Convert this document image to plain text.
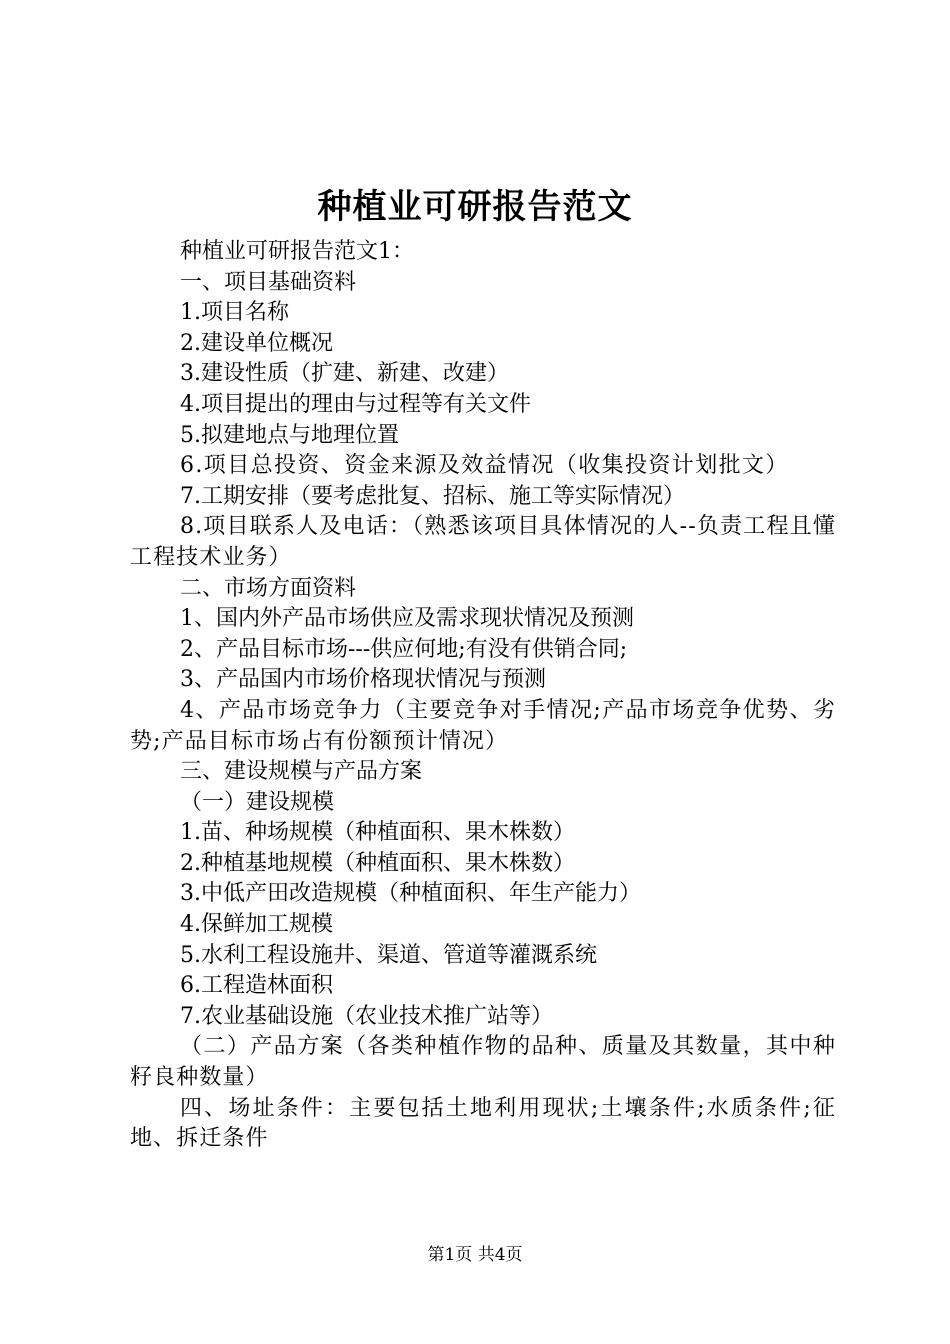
种植业可研报告范文

种植业可研报告范文1：

一、项目基础资料

1.项目名称

2.建设单位概况

3.建设性质（扩建、新建、改建）

4.项目提出的理由与过程等有关文件

5.拟建地点与地理位置

6.项目总投资、资金来源及效益情况（收集投资计划批文）

7.工期安排（要考虑批复、招标、施工等实际情况）

8.项目联系人及电话：（熟悉该项目具体情况的人--负责工程且懂工程技术业务）

二、市场方面资料

1、国内外产品市场供应及需求现状情况及预测

2、产品目标市场---供应何地;有没有供销合同;

3、产品国内市场价格现状情况与预测

4、产品市场竞争力（主要竞争对手情况;产品市场竞争优势、劣势;产品目标市场占有份额预计情况）

三、建设规模与产品方案

（一）建设规模

1.苗、种场规模（种植面积、果木株数）

2.种植基地规模（种植面积、果木株数）

3.中低产田改造规模（种植面积、年生产能力）

4.保鲜加工规模

5.水利工程设施井、渠道、管道等灌溉系统

6.工程造林面积

7.农业基础设施（农业技术推广站等）

（二）产品方案（各类种植作物的品种、质量及其数量，其中种籽良种数量）

四、场址条件：主要包括土地利用现状;土壤条件;水质条件;征地、拆迁条件

第1页 共4页
